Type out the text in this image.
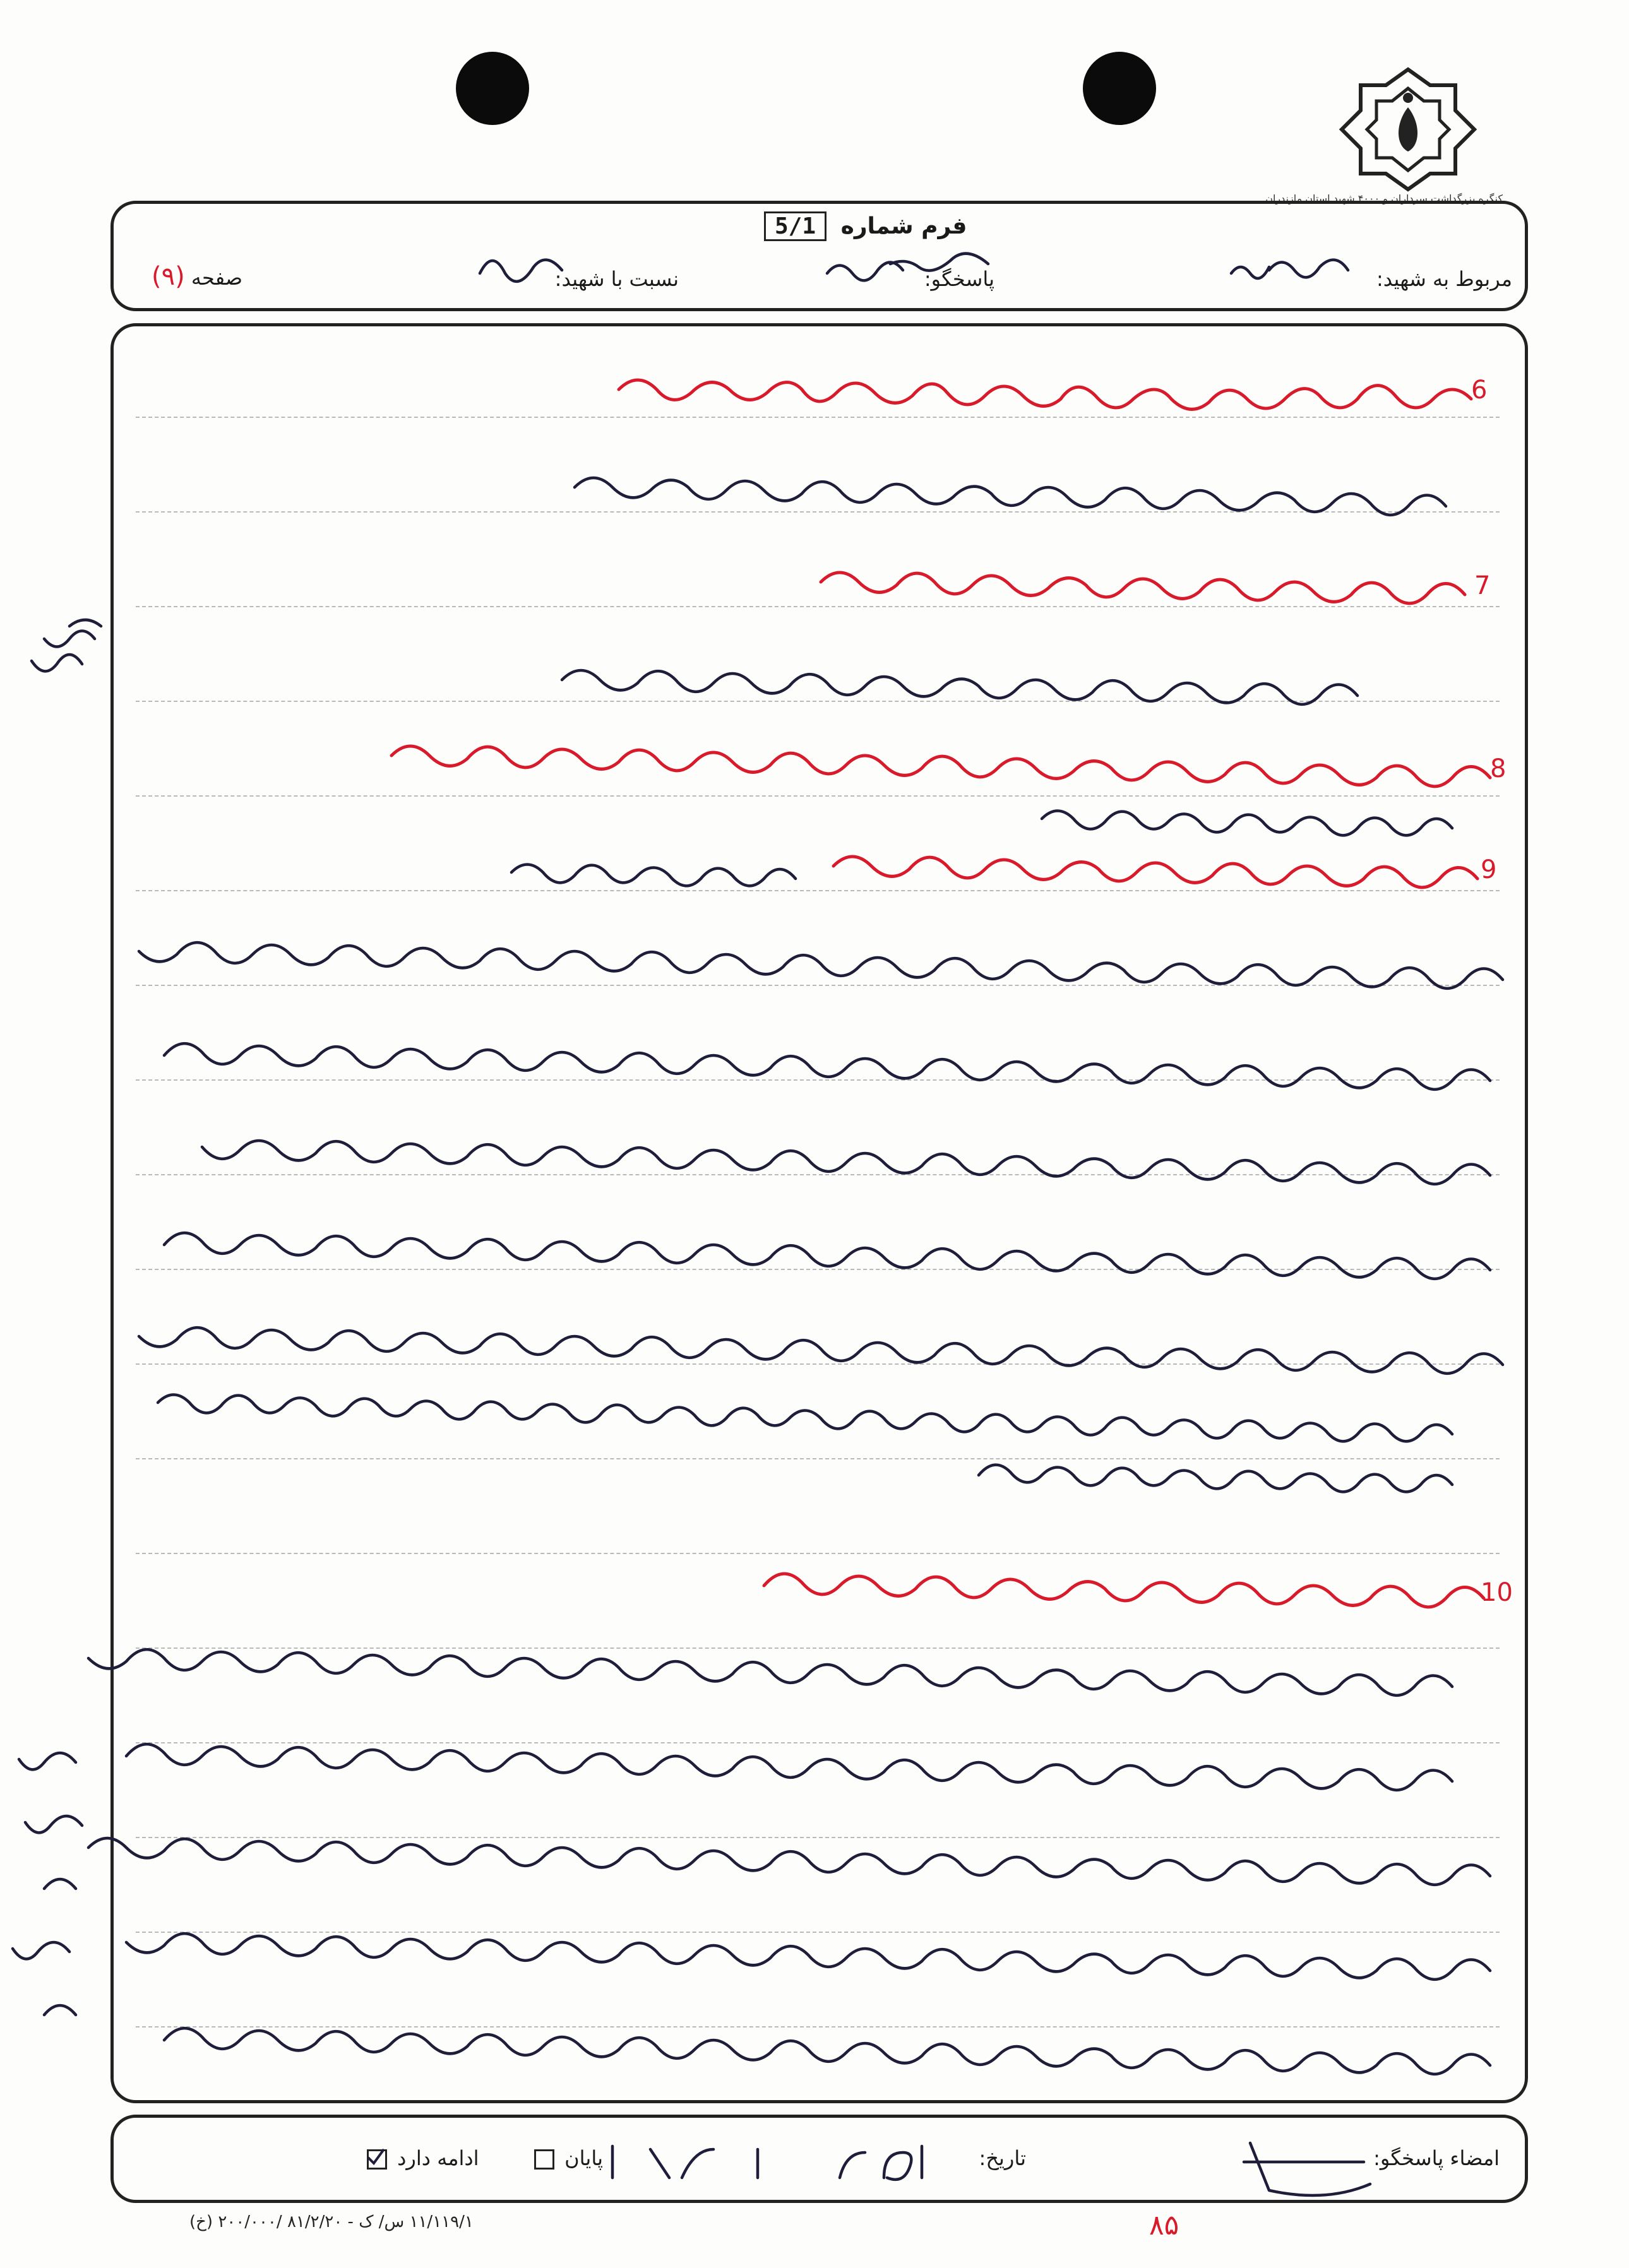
کنگره بزرگداشت سرداران و ۴۰۰۰ شهید استان مازندران
فرم شماره 5/1
مربوط به شهید:
پاسخگو:
نسبت با شهید:
صفحه (۹)
6
7
8
9
10
امضاء پاسخگو:
تاریخ:
پایان
ادامه دارد
۱۱/۱۱۹/۱ س/ ک - ۸۱/۲/۲۰ /۲۰۰/۰۰۰ (خ)	۸۵
